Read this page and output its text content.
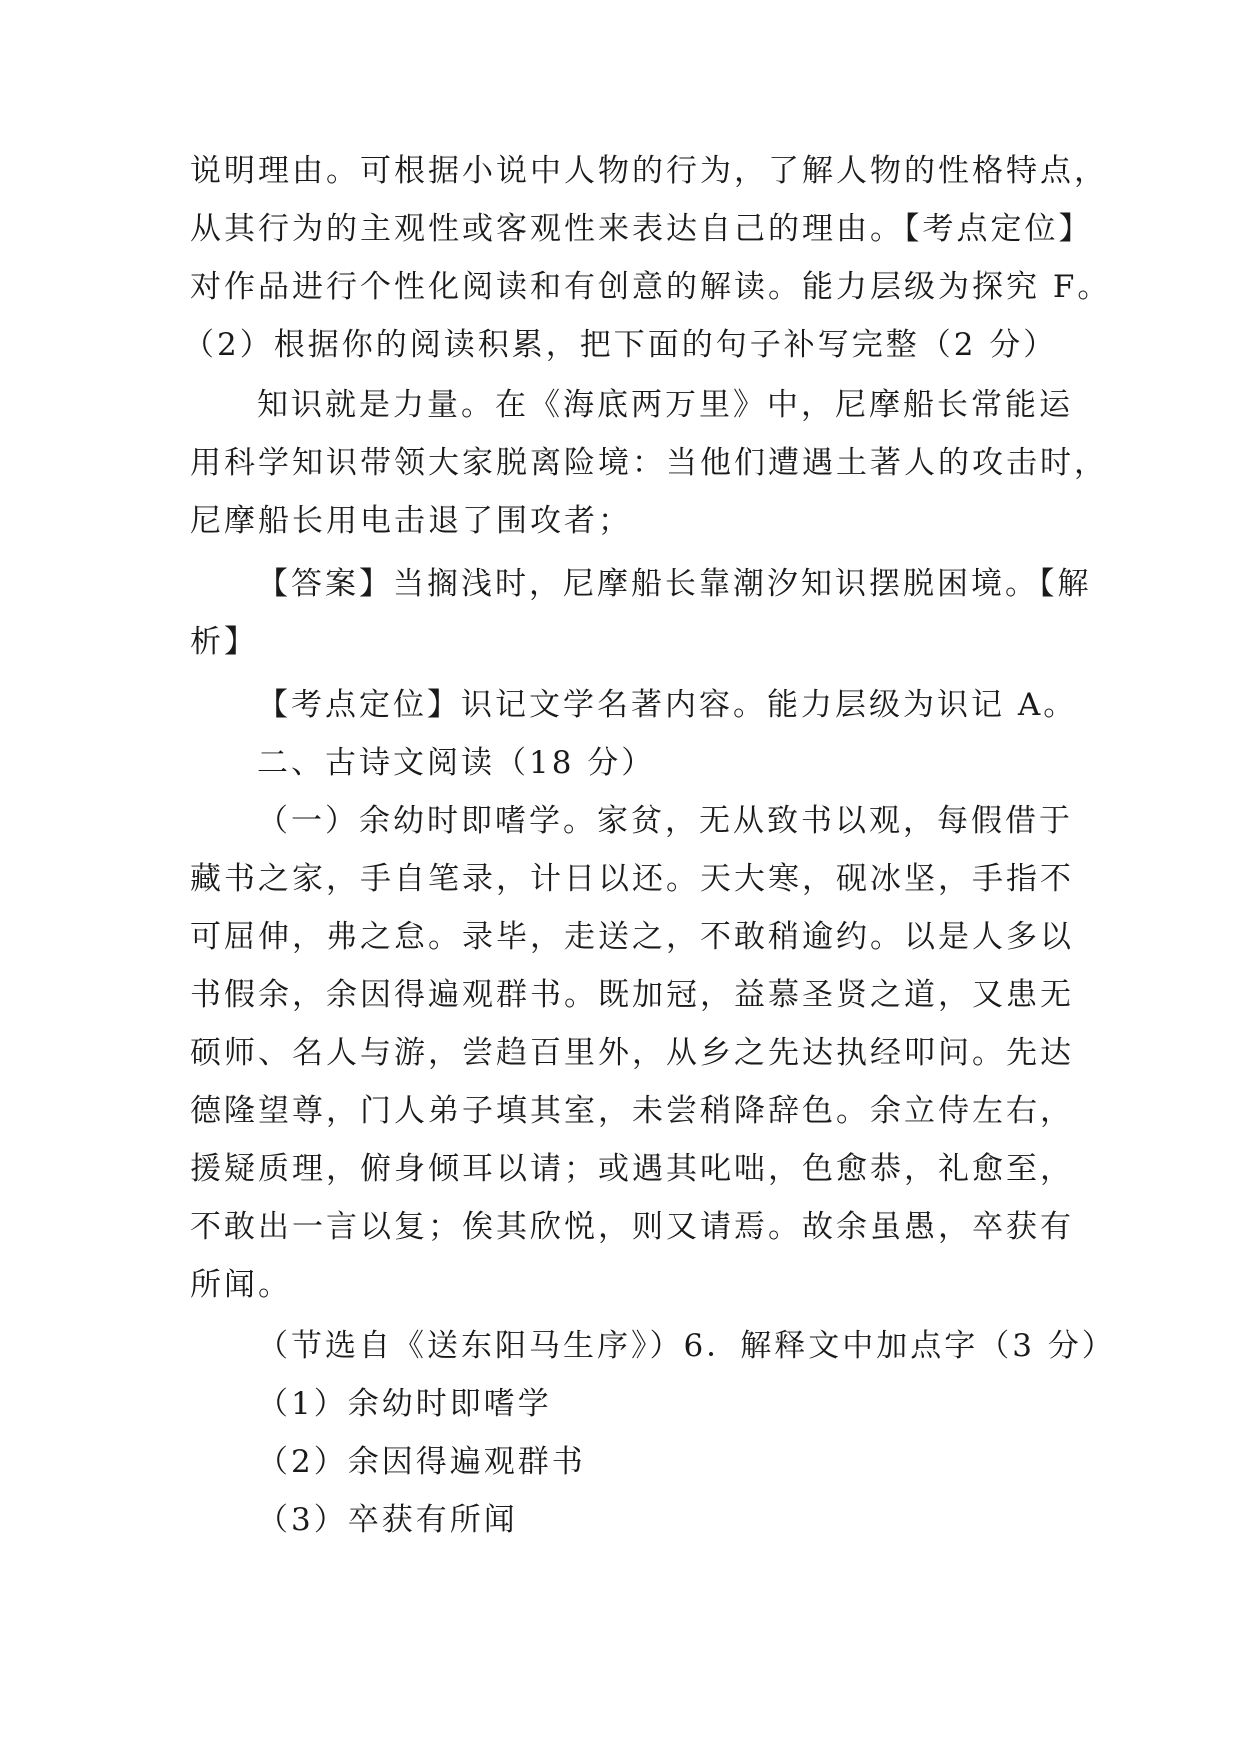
说明理由。可根据小说中人物的行为，了解人物的性格特点，
从其行为的主观性或客观性来表达自己的理由。【考点定位】
对作品进行个性化阅读和有创意的解读。能力层级为探究 F。
（2）根据你的阅读积累，把下面的句子补写完整（2 分）
知识就是力量。在《海底两万里》中，尼摩船长常能运
用科学知识带领大家脱离险境：当他们遭遇土著人的攻击时，
尼摩船长用电击退了围攻者；
【答案】当搁浅时，尼摩船长靠潮汐知识摆脱困境。【解
析】
【考点定位】识记文学名著内容。能力层级为识记 A。
二、古诗文阅读（18 分）
（一）余幼时即嗜学。家贫，无从致书以观，每假借于
藏书之家，手自笔录，计日以还。天大寒，砚冰坚，手指不
可屈伸，弗之怠。录毕，走送之，不敢稍逾约。以是人多以
书假余，余因得遍观群书。既加冠，益慕圣贤之道，又患无
硕师、名人与游，尝趋百里外，从乡之先达执经叩问。先达
德隆望尊，门人弟子填其室，未尝稍降辞色。余立侍左右，
援疑质理，俯身倾耳以请；或遇其叱咄，色愈恭，礼愈至，
不敢出一言以复；俟其欣悦，则又请焉。故余虽愚，卒获有
所闻。
（节选自《送东阳马生序》）6．解释文中加点字（3 分）
（1）余幼时即嗜学
（2）余因得遍观群书
（3）卒获有所闻
